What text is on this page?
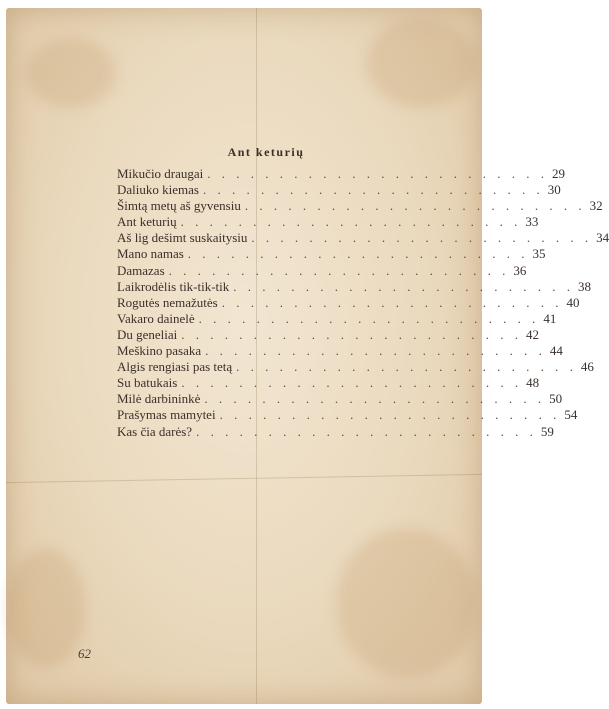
Ant keturių
Mikučio draugai . . . . . . . . . . . . . . . . . . . . . . . . 29
Daliuko kiemas . . . . . . . . . . . . . . . . . . . . . . . . 30
Šimtą metų aš gyvensiu . . . . . . . . . . . . . . . . . . . . . . . . 32
Ant keturių . . . . . . . . . . . . . . . . . . . . . . . . 33
Aš lig dešimt suskaitysiu . . . . . . . . . . . . . . . . . . . . . . . . 34
Mano namas . . . . . . . . . . . . . . . . . . . . . . . . 35
Damazas . . . . . . . . . . . . . . . . . . . . . . . . 36
Laikrodėlis tik-tik-tik . . . . . . . . . . . . . . . . . . . . . . . . 38
Rogutės nemažutės . . . . . . . . . . . . . . . . . . . . . . . . 40
Vakaro dainelė . . . . . . . . . . . . . . . . . . . . . . . . 41
Du geneliai . . . . . . . . . . . . . . . . . . . . . . . . 42
Meškino pasaka . . . . . . . . . . . . . . . . . . . . . . . . 44
Algis rengiasi pas tetą . . . . . . . . . . . . . . . . . . . . . . . . 46
Su batukais . . . . . . . . . . . . . . . . . . . . . . . . 48
Milė darbininkė . . . . . . . . . . . . . . . . . . . . . . . . 50
Prašymas mamytei . . . . . . . . . . . . . . . . . . . . . . . . 54
Kas čia darės? . . . . . . . . . . . . . . . . . . . . . . . . 59
62
